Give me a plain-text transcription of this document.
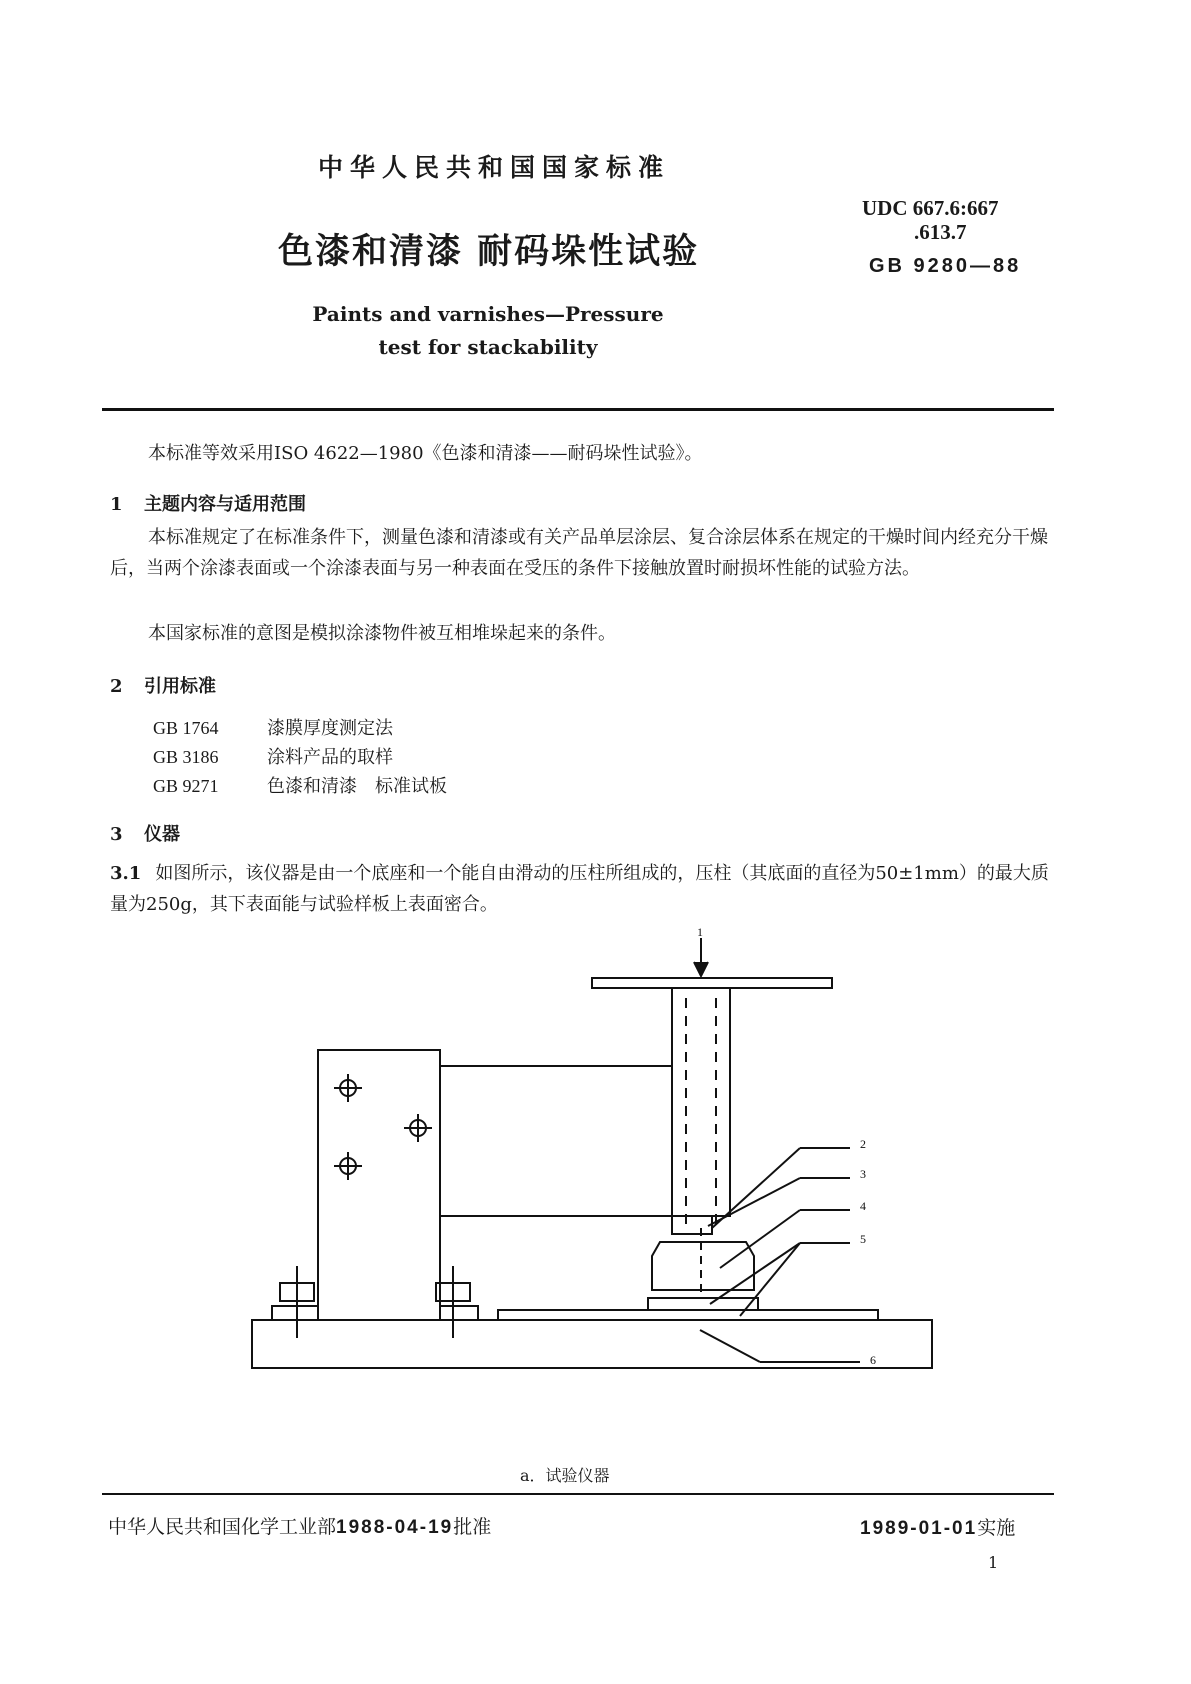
中华人民共和国国家标准
色漆和清漆 耐码垛性试验
Paints and varnishes—Pressure
test for stackability
UDC 667.6:667
.613.7
GB 9280—88
本标准等效采用ISO 4622—1980《色漆和清漆——耐码垛性试验》。
1 主题内容与适用范围
本标准规定了在标准条件下，测量色漆和清漆或有关产品单层涂层、复合涂层体系在规定的干燥时间内经充分干燥后，当两个涂漆表面或一个涂漆表面与另一种表面在受压的条件下接触放置时耐损坏性能的试验方法。
本国家标准的意图是模拟涂漆物件被互相堆垛起来的条件。
2 引用标准
GB 1764	漆膜厚度测定法
GB 3186	涂料产品的取样
GB 9271	色漆和清漆　标准试板
3 仪器
3.1 如图所示，该仪器是由一个底座和一个能自由滑动的压柱所组成的，压柱（其底面的直径为50±1mm）的最大质量为250g，其下表面能与试验样板上表面密合。
1
2
3
4
5
6
a．试验仪器
中华人民共和国化学工业部1988-04-19批准	1989-01-01实施
1
